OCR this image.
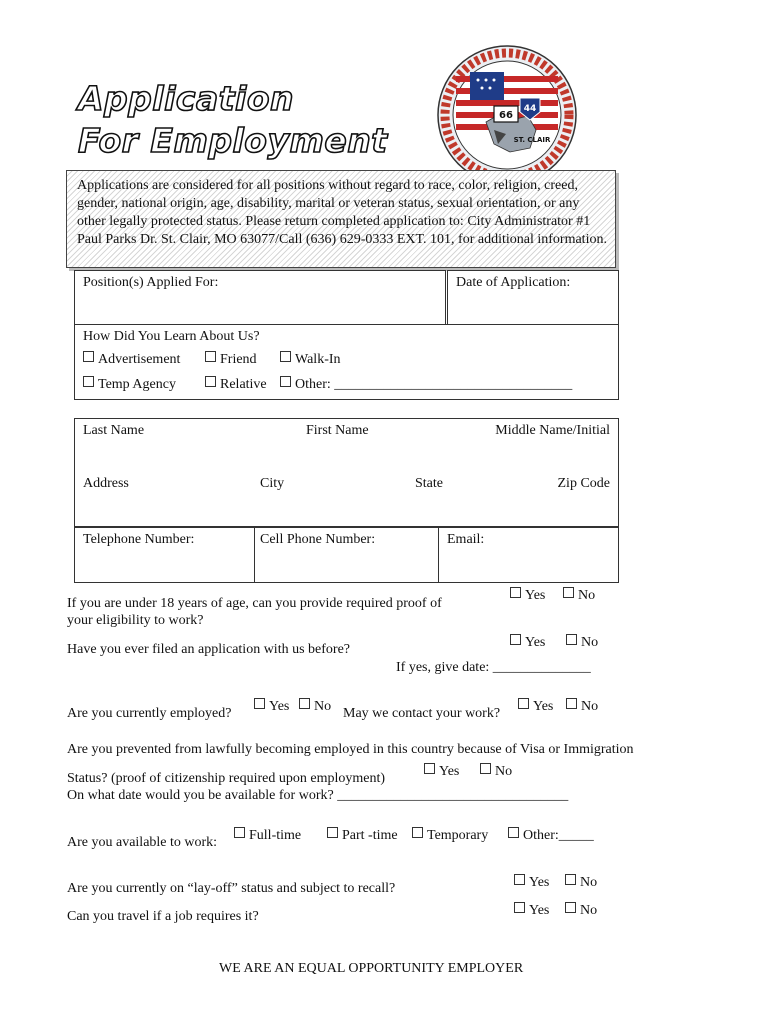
Application
For Employment
66
44
ST. CLAIR
Applications are considered for all positions without regard to race, color, religion, creed, gender, national origin, age, disability, marital or veteran status, sexual orientation, or any other legally protected status. Please return completed application to: City Administrator #1 Paul Parks Dr. St. Clair, MO 63077/Call (636) 629-0333 EXT. 101, for additional information.
Position(s) Applied For:	Date of Application:
How Did You Learn About Us?
Advertisement	Friend	Walk-In
Temp Agency	Relative	Other: __________________________________
Last Name	First Name	Middle Name/Initial
Address	City	State	Zip Code
Telephone Number:	Cell Phone Number:	Email:
If you are under 18 years of age, can you provide required proof of
your eligibility to work?
Yes	No
Have you ever filed an application with us before?	Yes	No
If yes, give date: ______________
Are you currently employed?	Yes	No May we contact your work?	Yes	No
Are you prevented from lawfully becoming employed in this country because of Visa or Immigration
Status? (proof of citizenship required upon employment)	Yes	No
On what date would you be available for work? _________________________________
Are you available to work:	Full-time	Part -time	Temporary	Other:_____
Are you currently on “lay-off” status and subject to recall?	Yes	No
Can you travel if a job requires it?	Yes	No
WE ARE AN EQUAL OPPORTUNITY EMPLOYER
